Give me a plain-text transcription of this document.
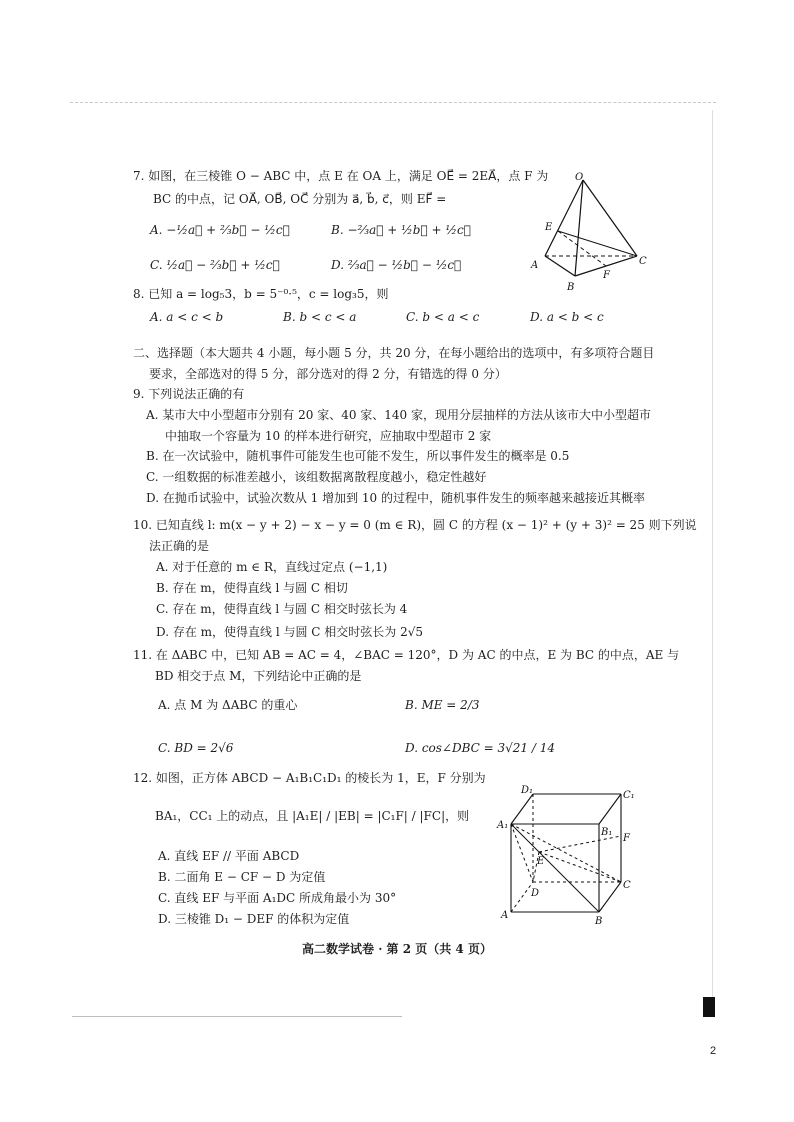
7. 如图，在三棱锥 O − ABC 中，点 E 在 OA 上，满足 OE⃗ = 2EA⃗，点 F 为
BC 的中点，记 OA⃗, OB⃗, OC⃗ 分别为 a⃗, b⃗, c⃗，则 EF⃗ =
A. −½a⃗ + ⅔b⃗ − ½c⃗	B. −⅔a⃗ + ½b⃗ + ½c⃗
C. ½a⃗ − ⅔b⃗ + ½c⃗	D. ⅔a⃗ − ½b⃗ − ½c⃗
O
E
A
B
C
F
8. 已知 a = log₅3，b = 5⁻⁰·⁵，c = log₃5，则
A. a < c < b	B. b < c < a	C. b < a < c	D. a < b < c
二、选择题（本大题共 4 小题，每小题 5 分，共 20 分，在每小题给出的选项中，有多项符合题目
要求，全部选对的得 5 分，部分选对的得 2 分，有错选的得 0 分）
9. 下列说法正确的有
A. 某市大中小型超市分别有 20 家、40 家、140 家，现用分层抽样的方法从该市大中小型超市
中抽取一个容量为 10 的样本进行研究，应抽取中型超市 2 家
B. 在一次试验中，随机事件可能发生也可能不发生，所以事件发生的概率是 0.5
C. 一组数据的标准差越小，该组数据离散程度越小，稳定性越好
D. 在抛币试验中，试验次数从 1 增加到 10 的过程中，随机事件发生的频率越来越接近其概率
10. 已知直线 l: m(x − y + 2) − x − y = 0 (m ∈ R)，圆 C 的方程 (x − 1)² + (y + 3)² = 25 则下列说
法正确的是
A. 对于任意的 m ∈ R，直线过定点 (−1,1)
B. 存在 m，使得直线 l 与圆 C 相切
C. 存在 m，使得直线 l 与圆 C 相交时弦长为 4
D. 存在 m，使得直线 l 与圆 C 相交时弦长为 2√5
11. 在 ΔABC 中，已知 AB = AC = 4，∠BAC = 120°，D 为 AC 的中点，E 为 BC 的中点，AE 与
BD 相交于点 M，下列结论中正确的是
A. 点 M 为 ΔABC 的重心	B. ME = 2/3
C. BD = 2√6	D. cos∠DBC = 3√21 / 14
12. 如图，正方体 ABCD − A₁B₁C₁D₁ 的棱长为 1，E，F 分别为
BA₁，CC₁ 上的动点，且 |A₁E| / |EB| = |C₁F| / |FC|，则
A. 直线 EF // 平面 ABCD
B. 二面角 E − CF − D 为定值
C. 直线 EF 与平面 A₁DC 所成角最小为 30°
D. 三棱锥 D₁ − DEF 的体积为定值
D₁	C₁
A₁
B₁
F
E
D
C
A
B
高二数学试卷 · 第 2 页（共 4 页）
2
